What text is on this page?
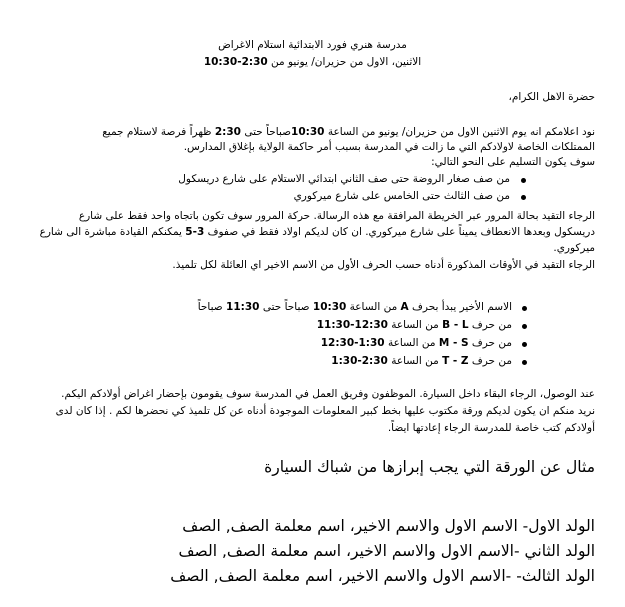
مدرسة هنري فورد الابتدائية استلام الاغراض
الاثنين، الاول من حزيران/ يونيو من 10:30-2:30
حضرة الاهل الكرام،
نود اعلامكم انه يوم الاثنين الاول من حزيران/ يونيو من الساعة 10:30صباحاً حتى 2:30 ظهراً فرصة لاستلام جميع
الممتلكات الخاصة لاولادكم التي ما زالت في المدرسة بسبب أمر حاكمة الولاية بإغلاق المدارس.
سوف يكون التسليم على النحو التالي:
من صف صغار الروضة حتى صف الثاني ابتدائي الاستلام على شارع دريسكول
من صف الثالث حتى الخامس على شارع ميركوري
الرجاء التقيد بحالة المرور عبر الخريطة المرافقة مع هذه الرسالة. حركة المرور سوف تكون باتجاه واحد فقط على شارع
دريسكول وبعدها الانعطاف يميناً على شارع ميركوري. ان كان لديكم اولاد فقط في صفوف 5-3 يمكنكم القيادة مباشرة الى شارع
ميركوري.
الرجاء التقيد في الأوقات المذكورة أدناه حسب الحرف الأول من الاسم الاخير اي العائلة لكل تلميذ.
الاسم الأخير يبدأ بحرف A من الساعة 10:30 صباحاً حتى 11:30 صباحاً
من حرف B - L من الساعة 11:30-12:30
من حرف M - S من الساعة 12:30-1:30
من حرف T - Z من الساعة 1:30-2:30
عند الوصول، الرجاء البقاء داخل السيارة. الموظفون وفريق العمل في المدرسة سوف يقومون بإحضار اغراض أولادكم اليكم.
نريد منكم ان يكون لديكم ورقة مكتوب عليها بخط كبير المعلومات الموجودة أدناه عن كل تلميذ كي نحضرها لكم . إذا كان لدى
أولادكم كتب خاصة للمدرسة الرجاء إعادتها ايضاً.
مثال عن الورقة التي يجب إبرازها من شباك السيارة
الولد الاول- الاسم الاول والاسم الاخير، اسم معلمة الصف, الصف
الولد الثاني -الاسم الاول والاسم الاخير، اسم معلمة الصف, الصف
الولد الثالث- -الاسم الاول والاسم الاخير، اسم معلمة الصف, الصف
